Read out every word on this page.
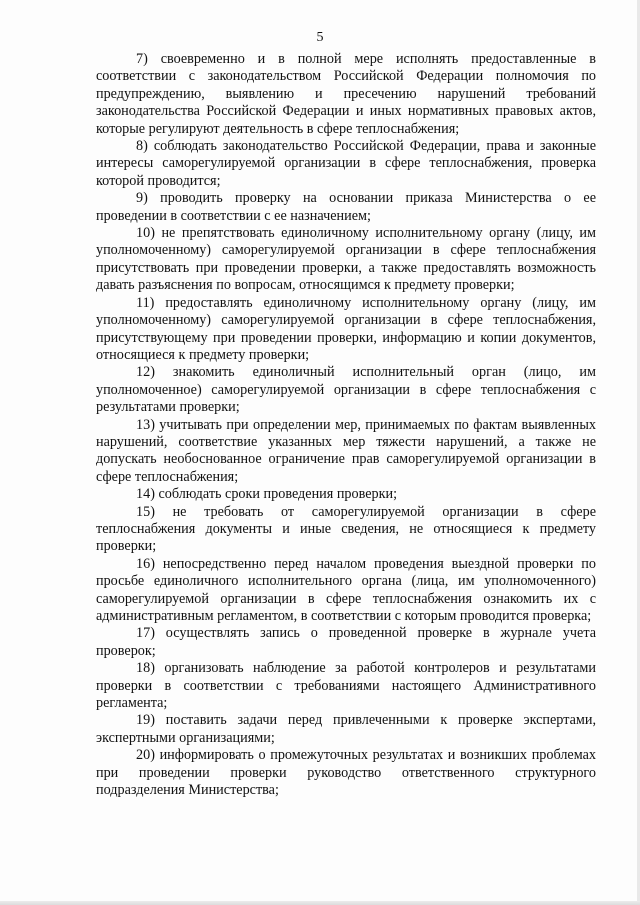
5

7) своевременно и в полной мере исполнять предоставленные в соответствии с законодательством Российской Федерации полномочия по предупреждению, выявлению и пресечению нарушений требований законодательства Российской Федерации и иных нормативных правовых актов, которые регулируют деятельность в сфере теплоснабжения;

8) соблюдать законодательство Российской Федерации, права и законные интересы саморегулируемой организации в сфере теплоснабжения, проверка которой проводится;

9) проводить проверку на основании приказа Министерства о ее проведении в соответствии с ее назначением;

10) не препятствовать единоличному исполнительному органу (лицу, им уполномоченному) саморегулируемой организации в сфере теплоснабжения присутствовать при проведении проверки, а также предоставлять возможность давать разъяснения по вопросам, относящимся к предмету проверки;

11) предоставлять единоличному исполнительному органу (лицу, им уполномоченному) саморегулируемой организации в сфере теплоснабжения, присутствующему при проведении проверки, информацию и копии документов, относящиеся к предмету проверки;

12) знакомить единоличный исполнительный орган (лицо, им уполномоченное) саморегулируемой организации в сфере теплоснабжения с результатами проверки;

13) учитывать при определении мер, принимаемых по фактам выявленных нарушений, соответствие указанных мер тяжести нарушений, а также не допускать необоснованное ограничение прав саморегулируемой организации в сфере теплоснабжения;

14) соблюдать сроки проведения проверки;

15) не требовать от саморегулируемой организации в сфере теплоснабжения документы и иные сведения, не относящиеся к предмету проверки;

16) непосредственно перед началом проведения выездной проверки по просьбе единоличного исполнительного органа (лица, им уполномоченного) саморегулируемой организации в сфере теплоснабжения ознакомить их с административным регламентом, в соответствии с которым проводится проверка;

17) осуществлять запись о проведенной проверке в журнале учета проверок;

18) организовать наблюдение за работой контролеров и результатами проверки в соответствии с требованиями настоящего Административного регламента;

19) поставить задачи перед привлеченными к проверке экспертами, экспертными организациями;

20) информировать о промежуточных результатах и возникших проблемах при проведении проверки руководство ответственного структурного подразделения Министерства;
